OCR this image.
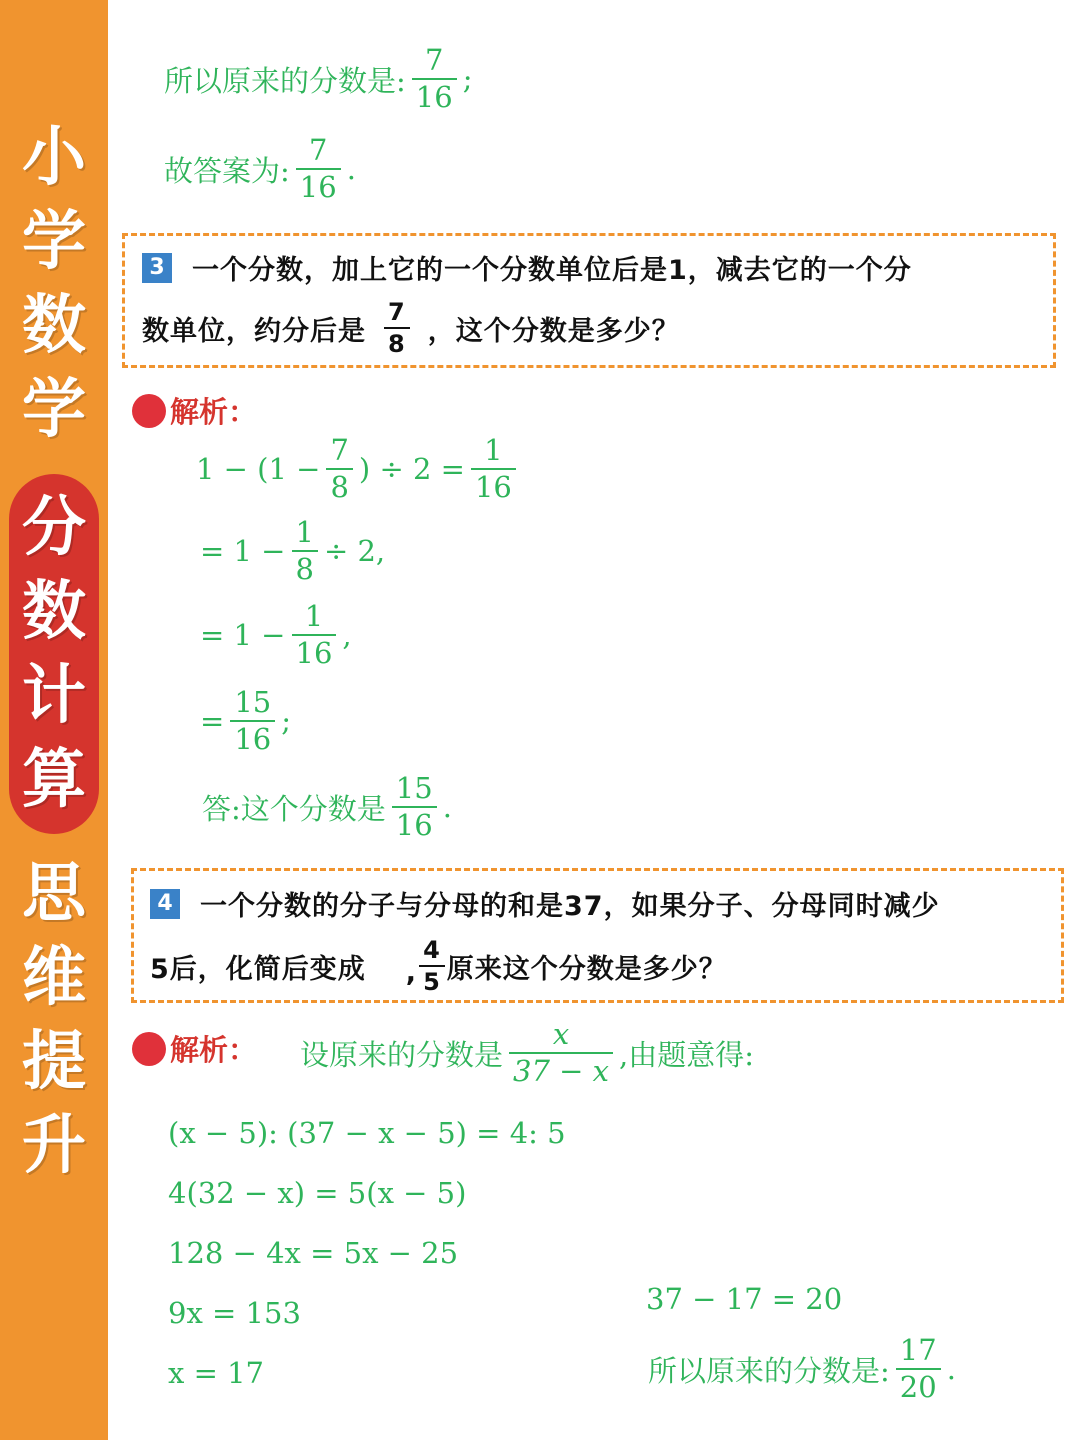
小
学
数
学
分
数
计
算
思
维
提
升
所以原来的分数是: $\frac{7}{16}$ ;
故答案为: $\frac{7}{16}$ .
3 一个分数，加上它的一个分数单位后是1，减去它的一个分
数单位，约分后是 $\frac{7}{8}$ ，这个分数是多少？
解析：
$1 - (1 - \frac{7}{8}$ ) ÷ $2 = \frac{1}{16}$
= $1 - \frac{1}{8} \div 2$,
= $1 - \frac{1}{16}$ ,
= $\frac{15}{16}$ ;
答:这个分数是 $\frac{15}{16}$ .
4 一个分数的分子与分母的和是37，如果分子、分母同时减少
5后，化简后变成 , $\frac{4}{5}$ 原来这个分数是多少？
解析： 设原来的分数是 $\frac{x}{37 - x}$ ,由题意得:
(x − 5): (37 − x − 5) = 4: 5
4(32 − x) = 5(x − 5)
128 − 4x = 5x − 25
9x = 153
x = 17
37 − 17 = 20
所以原来的分数是: $\frac{17}{20}$ .
